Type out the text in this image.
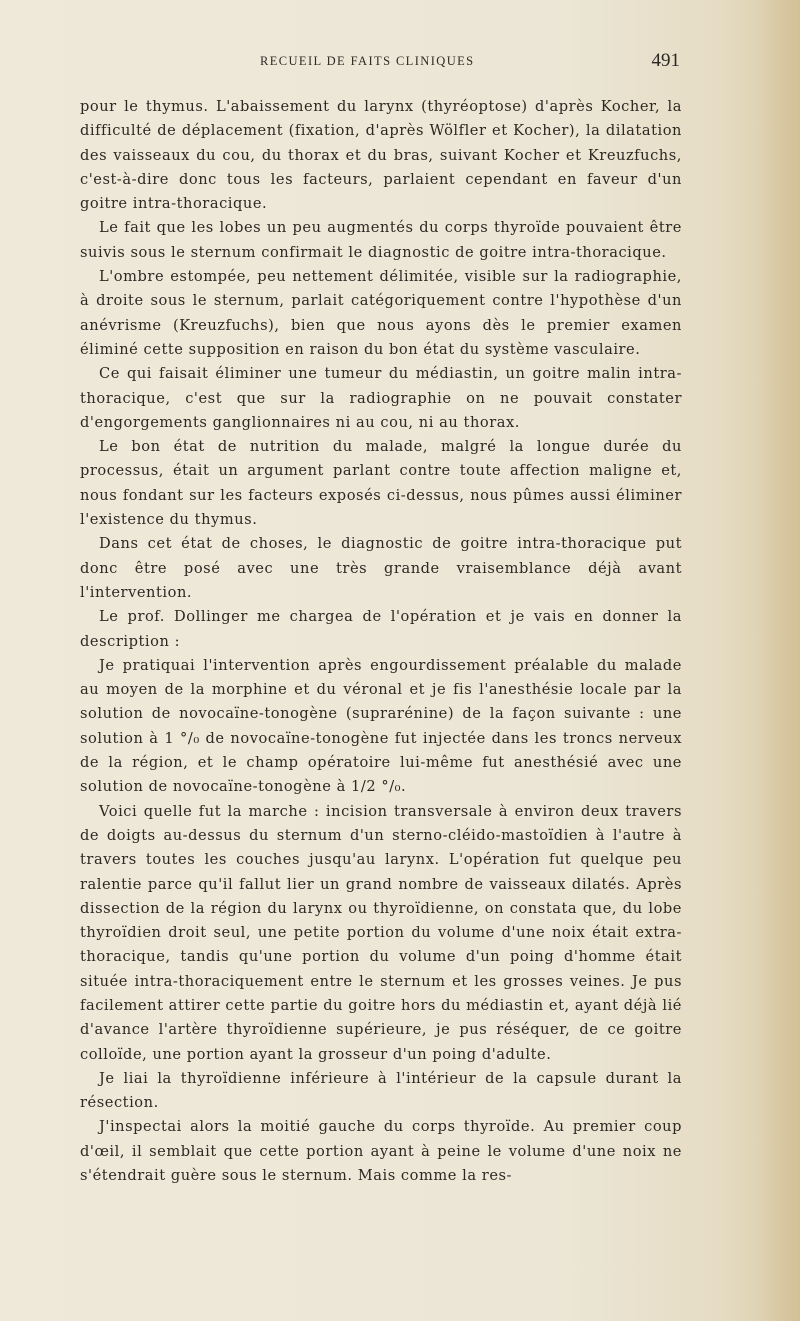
RECUEIL DE FAITS CLINIQUES	491

pour le thymus. L'abaissement du larynx (thyréoptose) d'après Kocher, la difficulté de déplacement (fixation, d'après Wölfler et Kocher), la dilatation des vaisseaux du cou, du thorax et du bras, suivant Kocher et Kreuzfuchs, c'est-à-dire donc tous les facteurs, parlaient cependant en faveur d'un goitre intra-thoracique.

Le fait que les lobes un peu augmentés du corps thyroïde pouvaient être suivis sous le sternum confirmait le diagnostic de goitre intra-thoracique.

L'ombre estompée, peu nettement délimitée, visible sur la radiographie, à droite sous le sternum, parlait catégoriquement contre l'hypothèse d'un anévrisme (Kreuzfuchs), bien que nous ayons dès le premier examen éliminé cette supposition en raison du bon état du système vasculaire.

Ce qui faisait éliminer une tumeur du médiastin, un goitre malin intra-thoracique, c'est que sur la radiographie on ne pouvait constater d'engorgements ganglionnaires ni au cou, ni au thorax.

Le bon état de nutrition du malade, malgré la longue durée du processus, était un argument parlant contre toute affection maligne et, nous fondant sur les facteurs exposés ci-dessus, nous pûmes aussi éliminer l'existence du thymus.

Dans cet état de choses, le diagnostic de goitre intra-thoracique put donc être posé avec une très grande vraisemblance déjà avant l'intervention.

Le prof. Dollinger me chargea de l'opération et je vais en donner la description :

Je pratiquai l'intervention après engourdissement préalable du malade au moyen de la morphine et du véronal et je fis l'anesthésie locale par la solution de novocaïne-tonogène (suprarénine) de la façon suivante : une solution à 1 °/₀ de novocaïne-tonogène fut injectée dans les troncs nerveux de la région, et le champ opératoire lui-même fut anesthésié avec une solution de novocaïne-tonogène à 1/2 °/₀.

Voici quelle fut la marche : incision transversale à environ deux travers de doigts au-dessus du sternum d'un sterno-cléido-mastoïdien à l'autre à travers toutes les couches jusqu'au larynx. L'opération fut quelque peu ralentie parce qu'il fallut lier un grand nombre de vaisseaux dilatés. Après dissection de la région du larynx ou thyroïdienne, on constata que, du lobe thyroïdien droit seul, une petite portion du volume d'une noix était extra-thoracique, tandis qu'une portion du volume d'un poing d'homme était située intra-thoraciquement entre le sternum et les grosses veines. Je pus facilement attirer cette partie du goitre hors du médiastin et, ayant déjà lié d'avance l'artère thyroïdienne supérieure, je pus réséquer, de ce goitre colloïde, une portion ayant la grosseur d'un poing d'adulte.

Je liai la thyroïdienne inférieure à l'intérieur de la capsule durant la résection.

J'inspectai alors la moitié gauche du corps thyroïde. Au premier coup d'œil, il semblait que cette portion ayant à peine le volume d'une noix ne s'étendrait guère sous le sternum. Mais comme la res-
